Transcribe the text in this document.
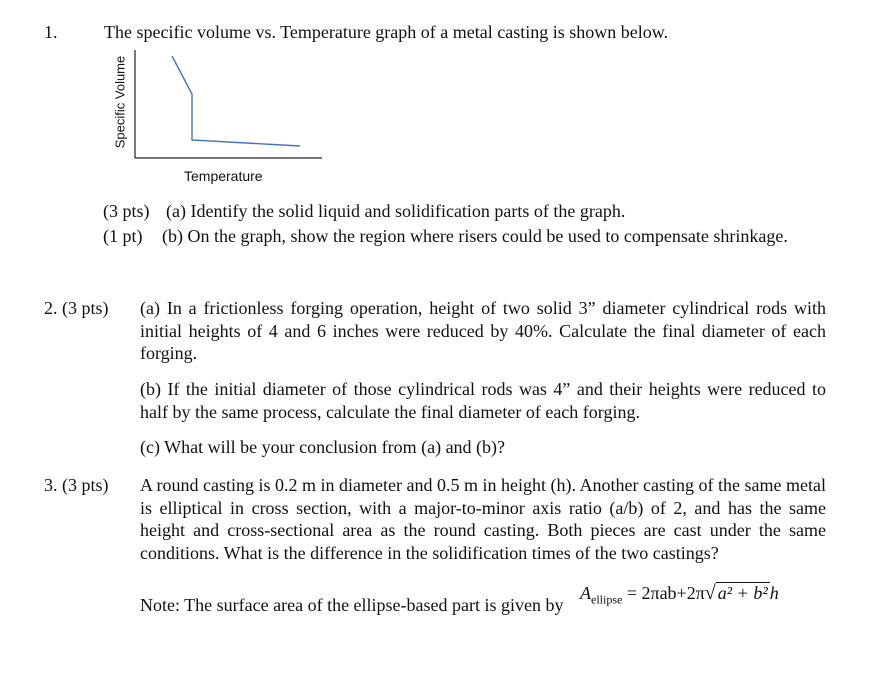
1.	The specific volume vs. Temperature graph of a metal casting is shown below.
Specific Volume
Temperature
(3 pts) (a) Identify the solid liquid and solidification parts of the graph.
(1 pt) (b) On the graph, show the region where risers could be used to compensate shrinkage.
2. (3 pts) (a) In a frictionless forging operation, height of two solid 3” diameter cylindrical rods with initial heights of 4 and 6 inches were reduced by 40%. Calculate the final diameter of each forging.
(b) If the initial diameter of those cylindrical rods was 4” and their heights were reduced to half by the same process, calculate the final diameter of each forging.
(c) What will be your conclusion from (a) and (b)?
3. (3 pts) A round casting is 0.2 m in diameter and 0.5 m in height (h). Another casting of the same metal is elliptical in cross section, with a major-to-minor axis ratio (a/b) of 2, and has the same height and cross-sectional area as the round casting. Both pieces are cast under the same conditions. What is the difference in the solidification times of the two castings?
Note: The surface area of the ellipse-based part is given by
$A_{ellipse} = 2\pi ab+2\pi√$ a² + b² h
